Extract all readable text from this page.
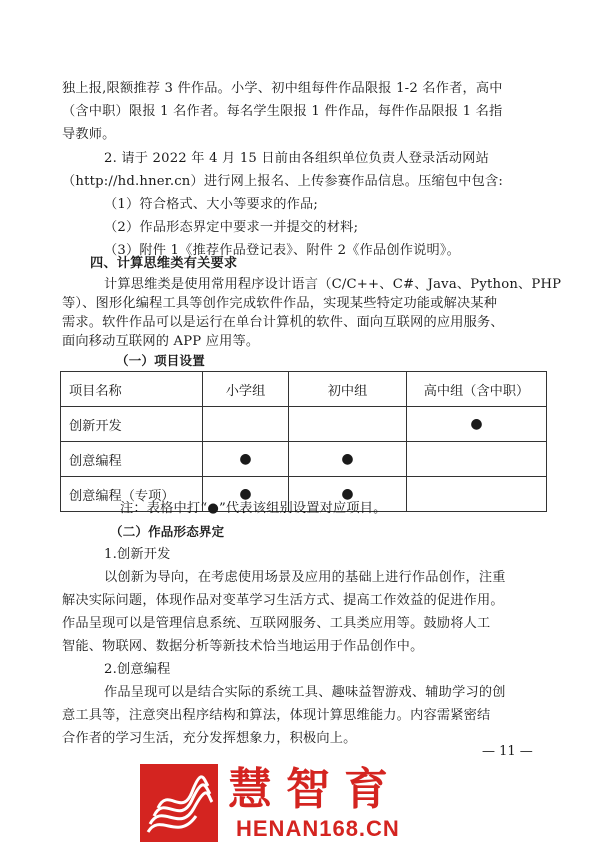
独上报,限额推荐 3 件作品。小学、初中组每件作品限报 1-2 名作者，高中
（含中职）限报 1 名作者。每名学生限报 1 件作品，每件作品限报 1 名指
导教师。
2. 请于 2022 年 4 月 15 日前由各组织单位负责人登录活动网站
（http://hd.hner.cn）进行网上报名、上传参赛作品信息。压缩包中包含:
（1）符合格式、大小等要求的作品;
（2）作品形态界定中要求一并提交的材料;
（3）附件 1《推荐作品登记表》、附件 2《作品创作说明》。
四、计算思维类有关要求
计算思维类是使用常用程序设计语言（C/C++、C#、Java、Python、PHP
等）、图形化编程工具等创作完成软件作品，实现某些特定功能或解决某种
需求。软件作品可以是运行在单台计算机的软件、面向互联网的应用服务、
面向移动互联网的 APP 应用等。
项目名称	小学组	初中组	高中组（含中职）
创新开发			●
创意编程	●	●	
创意编程（专项）	●	●	
注：表格中打“●”代表该组别设置对应项目。
（二）作品形态界定
1.创新开发
以创新为导向，在考虑使用场景及应用的基础上进行作品创作，注重
解决实际问题，体现作品对变革学习生活方式、提高工作效益的促进作用。
作品呈现可以是管理信息系统、互联网服务、工具类应用等。鼓励将人工
智能、物联网、数据分析等新技术恰当地运用于作品创作中。
2.创意编程
作品呈现可以是结合实际的系统工具、趣味益智游戏、辅助学习的创
意工具等，注意突出程序结构和算法，体现计算思维能力。内容需紧密结
合作者的学习生活，充分发挥想象力，积极向上。
— 11 —
慧智育
HENAN168.CN
（一）项目设置
